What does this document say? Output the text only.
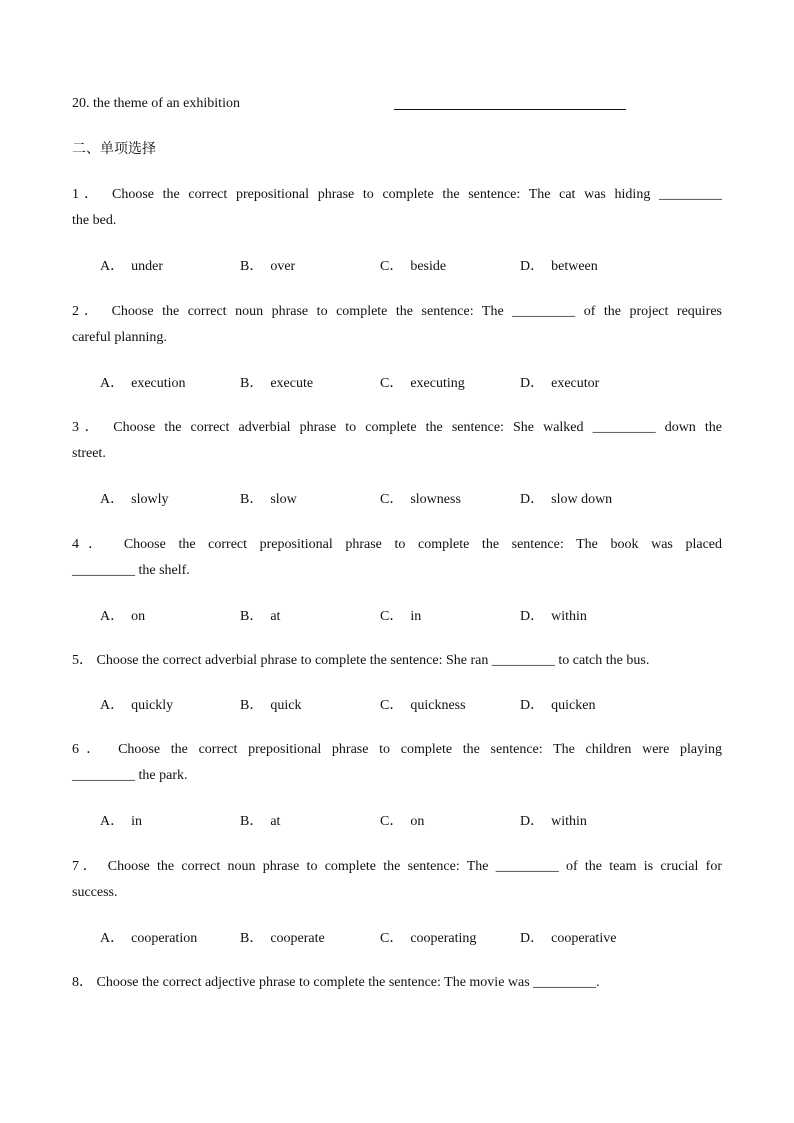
20. the theme of an exhibition
二、单项选择
1． Choose the correct prepositional phrase to complete the sentence: The cat was hiding _________
the bed.
A． under	B． over	C． beside	D． between
2． Choose the correct noun phrase to complete the sentence: The _________ of the project requires
careful planning.
A． execution	B． execute	C． executing	D． executor
3． Choose the correct adverbial phrase to complete the sentence: She walked _________ down the
street.
A． slowly	B． slow	C． slowness	D． slow down
4． Choose the correct prepositional phrase to complete the sentence: The book was placed
_________ the shelf.
A． on	B． at	C． in	D． within
5． Choose the correct adverbial phrase to complete the sentence: She ran _________ to catch the bus.
A． quickly	B． quick	C． quickness	D． quicken
6． Choose the correct prepositional phrase to complete the sentence: The children were playing
_________ the park.
A． in	B． at	C． on	D． within
7． Choose the correct noun phrase to complete the sentence: The _________ of the team is crucial for
success.
A． cooperation	B． cooperate	C． cooperating	D． cooperative
8． Choose the correct adjective phrase to complete the sentence: The movie was _________.
